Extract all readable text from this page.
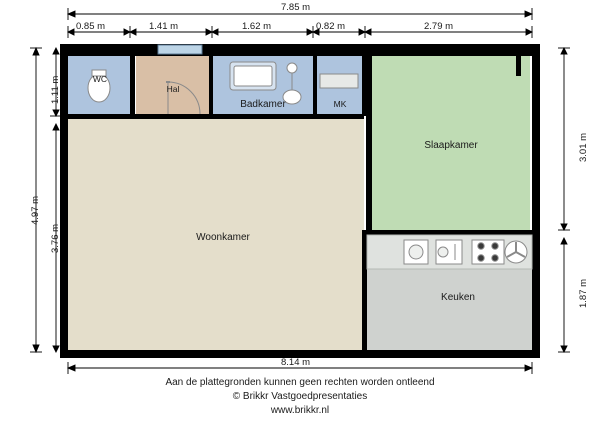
7.85 m
0.85 m	1.41 m	1.62 m	0.82 m	2.79 m
8.14 m
4.97 m
1.11 m
3.76 m
3.01 m
1.87 m
WC
Hal
Badkamer	MK
Slaapkamer
Woonkamer
Keuken
Aan de plattegronden kunnen geen rechten worden ontleend
© Brikkr Vastgoedpresentaties
www.brikkr.nl
